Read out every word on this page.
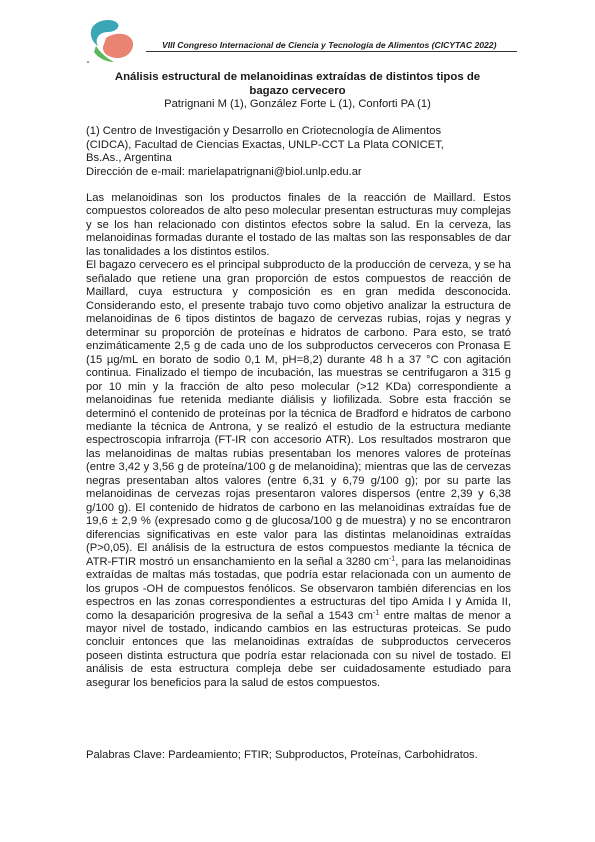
VIII Congreso Internacional de Ciencia y Tecnología de Alimentos (CICYTAC 2022)
Análisis estructural de melanoidinas extraídas de distintos tipos de
bagazo cervecero
Patrignani M (1), González Forte L (1), Conforti PA (1)
(1) Centro de Investigación y Desarrollo en Criotecnología de Alimentos
(CIDCA), Facultad de Ciencias Exactas, UNLP-CCT La Plata CONICET,
Bs.As., Argentina
Dirección de e-mail: marielapatrignani@biol.unlp.edu.ar

Las melanoidinas son los productos finales de la reacción de Maillard. Estos compuestos coloreados de alto peso molecular presentan estructuras muy complejas y se los han relacionado con distintos efectos sobre la salud. En la cerveza, las melanoidinas formadas durante el tostado de las maltas son las responsables de dar las tonalidades a los distintos estilos.

El bagazo cervecero es el principal subproducto de la producción de cerveza, y se ha señalado que retiene una gran proporción de estos compuestos de reacción de Maillard, cuya estructura y composición es en gran medida desconocida. Considerando esto, el presente trabajo tuvo como objetivo analizar la estructura de melanoidinas de 6 tipos distintos de bagazo de cervezas rubias, rojas y negras y determinar su proporción de proteínas e hidratos de carbono. Para esto, se trató enzimáticamente 2,5 g de cada uno de los subproductos cerveceros con Pronasa E (15 µg/mL en borato de sodio 0,1 M, pH=8,2) durante 48 h a 37 °C con agitación continua. Finalizado el tiempo de incubación, las muestras se centrifugaron a 315 g por 10 min y la fracción de alto peso molecular (>12 KDa) correspondiente a melanoidinas fue retenida mediante diálisis y liofilizada. Sobre esta fracción se determinó el contenido de proteínas por la técnica de Bradford e hidratos de carbono mediante la técnica de Antrona, y se realizó el estudio de la estructura mediante espectroscopia infrarroja (FT-IR con accesorio ATR). Los resultados mostraron que las melanoidinas de maltas rubias presentaban los menores valores de proteínas (entre 3,42 y 3,56 g de proteína/100 g de melanoidina); mientras que las de cervezas negras presentaban altos valores (entre 6,31 y 6,79 g/100 g); por su parte las melanoidinas de cervezas rojas presentaron valores dispersos (entre 2,39 y 6,38 g/100 g). El contenido de hidratos de carbono en las melanoidinas extraídas fue de 19,6 ± 2,9 % (expresado como g de glucosa/100 g de muestra) y no se encontraron diferencias significativas en este valor para las distintas melanoidinas extraídas (P>0,05). El análisis de la estructura de estos compuestos mediante la técnica de ATR-FTIR mostró un ensanchamiento en la señal a 3280 $cm^{-1}$, para las melanoidinas extraídas de maltas más tostadas, que podría estar relacionada con un aumento de los grupos -OH de compuestos fenólicos. Se observaron también diferencias en los espectros en las zonas correspondientes a estructuras del tipo Amida I y Amida II, como la desaparición progresiva de la señal a 1543 $cm^{-1}$ entre maltas de menor a mayor nivel de tostado, indicando cambios en las estructuras proteicas. Se pudo concluir entonces que las melanoidinas extraídas de subproductos cerveceros poseen distinta estructura que podría estar relacionada con su nivel de tostado. El análisis de esta estructura compleja debe ser cuidadosamente estudiado para asegurar los beneficios para la salud de estos compuestos.

Palabras Clave: Pardeamiento; FTIR; Subproductos, Proteínas, Carbohidratos.
